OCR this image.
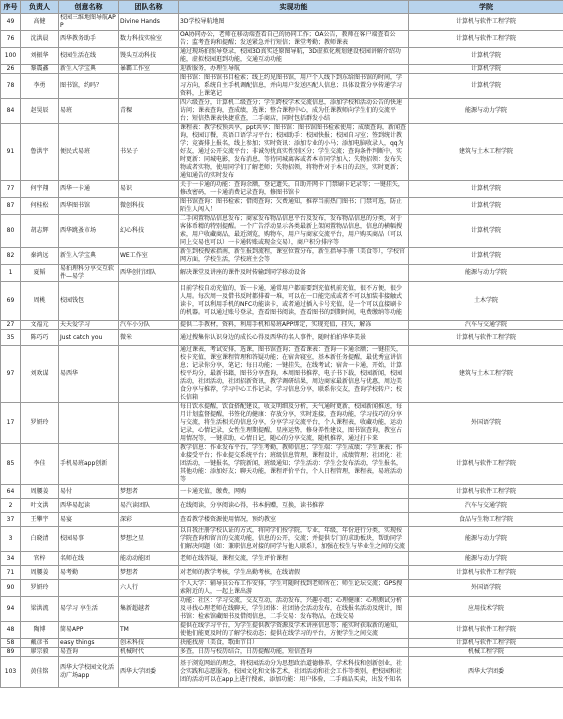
序号	负责人	创意名称	团队名称	实现功能	学院
49	高健	校园三维地图导航APP	Divine Hands	3D学校导航地图	计算机与软件工程学院
76	沈洪晨	西华教务助手	数力科技实验室	OA协同办公，老师在移动端查看自己的协同工作；OA公告，教师在客户端查看公告；监考查询和提醒；发送紧急并行短信；课堂考勤；教师课表	计算机与软件工程学院
100	刘振华	校园生活在线	馒头互动科技	通过现场拍照导登录，校园3D真实还原图导航，3D虚拟化规划建设校园讲解介绍功能，虚拟校园逛到功能，交通互动功能	计算机学院
26	黎震鑫	新生入学宝典	暴霸工作室	迎新服务，办理生导航	计算机学院
78	李勇	图书馆，约吗？		图书馆：图书馆书目检索；线上约见图书馆，用户个人线下到东给图书馆的时间，学习方向，系统自主手机调配信息，并向用户发送匹配人信息；具体设置分享传递学习资料，上课笔记	计算机学院
84	赵昊辰	易班	青稞	四六级查分，计算机二级查分；学生跨校学术交流信息，添加学校和活动公告的快速访问；课表查询，查成绩，选课；整合课程中心，成为任课教师向学生们的交流平台；短信热课表快捷重查，二手商店，同时包括群发小结	能源与动力学院
91	鲁洪宇	便民式易班	书呆子	课程表：教学校预共享，ppt共享；图书馆：图书馆图书检索使用；成绩查询，新闻查询，校园订餐，英语口语学习平台；校园助手：校园快报；校园自习室；签到统计教学；竞赛排上报名，线上参加；实时资讯：添加专业的小马；添加电脑收录人，qq为好友，通过公开交流平台；非诚勿扰真实性别区分；学生交流；查询条件判断中，实时更新：同城电影，发布消息，等待同城离客或者本市同学加入；失物招领：发布失物或者实物，使用同学们了解老师；失物招领，将物件对于本日的去医，实时更新；通知通告的实时发布	建筑与土木工程学院
77	何宇翔	西华一卡通	易识	关于一卡通的功能：查询余额，登记遗失，自助开网卡 门禁刷卡记录等；一键挂失，修改密码，一卡通消费记录查询，修图书馆卡	计算机学院
87	何桂松	西华图书馆	微创科技	图书馆查询：图书检索；借阅查询；欠费通知，推荐当前热门图书；门禁可选，防止陌生人闯入！	计算机学院
80	胡志辉	西华跳蚤市场	幻心科技	二手闲置物品信息发布；商家发布物品信息平台及发布，发布物品信息的分类，对于客体币精的特别提醒。一个广告浮动显示各类最新上架闲置物品信息，信息的横幅搜索，用户收藏商品，最近浏览，购物车，用户与商家交流平台，用户购买商品（可以同上交易也可以）一卡通转账或现金交易），商户积分排序等	计算机学院
82	秦鸿远	新生入学宝典	WE工作室	新生到校搜索指南，新生报到流程，课室位置分布，新生指导手册（美食等），学校官网方面，学校生活，学校班主会等	计算机学院
1	夏韬	易拍理科分享交互软件—易学	西华创行团队	解决课堂及讲座的课件及时传输到同学移动设备	能源与动力学院
69	周桃	校园钱包		目前学校自动充值的，饭一卡通，通常用户都需要到充值机前充值，很不方便，很少人用。每次周一及借书反时都排着一堆，可以在一口能完成或者不可以加装非接触式读卡，可以利用手机的NFC功能读卡，或者通过插入卡号充值，是一个可以直接刷卡的机器。可以通过账号登录，查看图书阅读，查看图书的到期时间，电费缴纳等功能	土木学院
27	文福元	天天爱学习	汽车小分队	提供二手教材，资料，利用手机和易班APP绑定，实现充值，挂失，解冻	汽车与交通学院
35	陈巧巧	Just catch you	微米	通过搜集你认识身边的成长心得及西华的名人事件，随时拍拍华华美景	计算机与软件工程学院
97	刘欢谋	易西华		通过课表，考试安排，选课，图书馆查询；查看课表：查询一卡通余额；一键挂失，校卡充值，课室课程管理和答疑功能；在宿舍寝室，基本新任务提醒，最优秀宣讲信息；记录你分享，笔记；每日功能；一键挂失，在线考试；宿舍一卡通，开始，计算校平均分，最新书籍，图书分享查询，本周图书推荐，电子书下载，校园新闻，校园活动，社团活动，社团招新资讯，教学调研结果，周边商家最新信息与优惠，周边美食分享与推荐，学习中心工作记录，学习信息分享，联系你交友，查询学校转户；校长信箱	建筑与土木工程学院
17	罗妍玲			每日饮水提醒，饮食搭配建议，收支明细及分析，天气通时更新，校园新闻推送，每月计划监督提醒，书签化的健康：存放分享，实时连接，查询功能，学习技巧的分享与交流，将生活相关的信息分享，分享学习交流平台，个人课程表，收藏功能，运动记录，心情记录，女性生理期提醒，星座运势，修身养性建议，图书馆查询，教室占用情况等，一键求助，心情日记，随心的分享交流，随机推荐，通过打卡来	外国语学院
85	李佳	手机易班app创新		教学信息：作业发布平台，学生考勤，教师信息；学生端：学生成绩；学生课表；作业接受平台；作业提交系统平台；班级信息管理，课程设计，成绩管理；社团化：社团活动，一键报名，学院新闻，班级通知；学生活动：学生会发布活动，学生报名，其他功能：添加好友；聊天功能，课程评价平台，个人日程管理，课程表，易班活动等	计算机与软件工程学院
64	周腰姜	易付	梦想者	一卡通充值，缴费，网购	计算机与软件工程学院
2	叶文洪	西华易起读	易汽读团队	在线阅读，分享阅读心得，书本捐赠，互换，读书推荐	汽车与交通学院
37	王攀宇	易宴	深彩	查看教学楼资源使用情况，预约教室	食品与生物工程学院
3	白晓清	校园易事	梦想之星	以自我注册学校认证的方式，将同学们按学院，专业，年级，年份进行分类，实现按学院查询和留言的交流功能，信息的公开，交流；并提供专门的求助板块，帮助同学们解决问题（如：兼职信息对接的同学与他人联系），加强在校生与毕业生之间的交流	能源与动力学院
34	官梓	名师在线	能动动能团	老师在线答疑，课程交流，学生评价课程	能源与动力学院
71	周腰姜	易考勤	梦想者	对老师的教学考核，学生出勤考核，在线请假	计算机与软件工程学院
90	罗妍玲		六人行	个人大学：辅导员公布工作安排，学生可随时找到老师所在；师生论坛交流；GPS搜索附近的人，一起上课出游	外国语学院
94	梁洪流	易学习 享生活	集新超越者	功能：社区：学习交流，交友互动，活动发布，兴趣小组；心理健康：心理测试分析及寻找心理老师在线聊天，学生团体：社团协会活动发布，在线报名活动及统计，图书馆：检索馆藏图书及借阅信息，二手交易：发布物品，在线交易	应用技术学院
48	陶博	简易APP	TM	提供在线学习平台，为学生提供教学资源及学术讲座信息等；能实时获取新的通知，使他们能更及时的了解学校动态；提供在线学习的平台，方便学生之间交流	计算机与软件工程学院
58	戴彦书	easy things	创未科技	抉能找房（美食，歌曲节目）	计算机与软件工程学院
89	廖宗毅	易查询	机械时代	多查，日历与校历结合，日历提醒功能，短信查询	机械工程学院
103	黄佳铭	西华大学校园文化活动广场app	西华大学团委	基于浏览网站的理念，将校园活动分为思想政治道德修养，学术科技和创新创业，社会实践和志愿服务，校园文化和文体艺术，社团活动和社会工作等类别，把校园和社团的活动可以在app上进行搜索，添加功能：用户体验，二手商品买卖，出发不知名	西华大学团委
